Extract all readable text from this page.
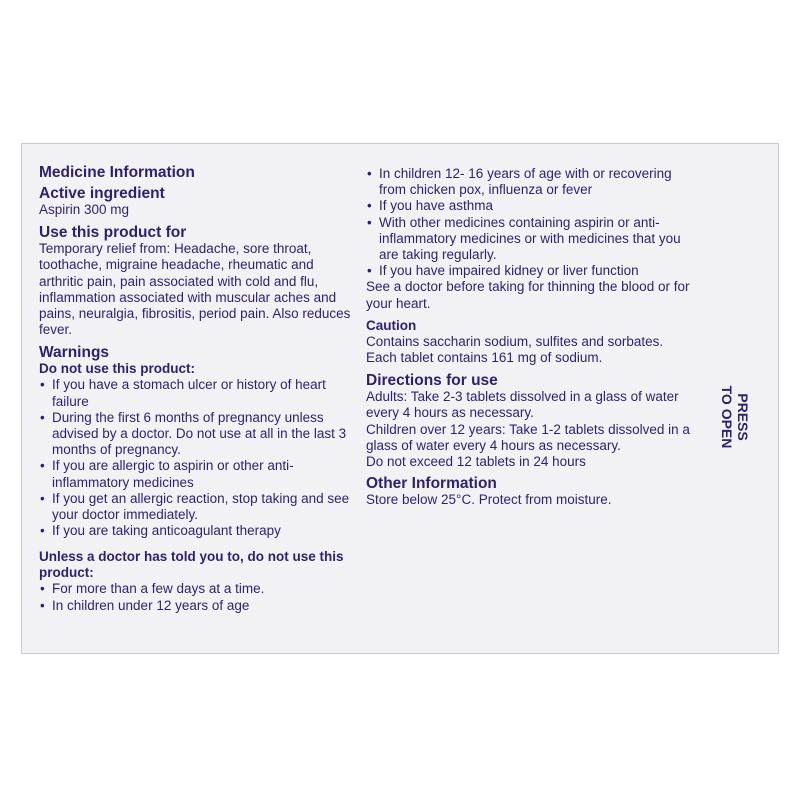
Medicine Information
Active ingredient
Aspirin 300 mg
Use this product for
Temporary relief from: Headache, sore throat, toothache, migraine headache, rheumatic and arthritic pain, pain associated with cold and flu, inflammation associated with muscular aches and pains, neuralgia, fibrositis, period pain. Also reduces fever.
Warnings
Do not use this product:
• If you have a stomach ulcer or history of heart failure
• During the first 6 months of pregnancy unless advised by a doctor. Do not use at all in the last 3 months of pregnancy.
• If you are allergic to aspirin or other anti-inflammatory medicines
• If you get an allergic reaction, stop taking and see your doctor immediately.
• If you are taking anticoagulant therapy
Unless a doctor has told you to, do not use this product:
• For more than a few days at a time.
• In children under 12 years of age
• In children 12- 16 years of age with or recovering from chicken pox, influenza or fever
• If you have asthma
• With other medicines containing aspirin or anti-inflammatory medicines or with medicines that you are taking regularly.
• If you have impaired kidney or liver function
See a doctor before taking for thinning the blood or for your heart.
Caution
Contains saccharin sodium, sulfites and sorbates. Each tablet contains 161 mg of sodium.
Directions for use
Adults: Take 2-3 tablets dissolved in a glass of water every 4 hours as necessary.
Children over 12 years: Take 1-2 tablets dissolved in a glass of water every 4 hours as necessary.
Do not exceed 12 tablets in 24 hours
Other Information
Store below 25°C. Protect from moisture.
PRESS
TO OPEN
